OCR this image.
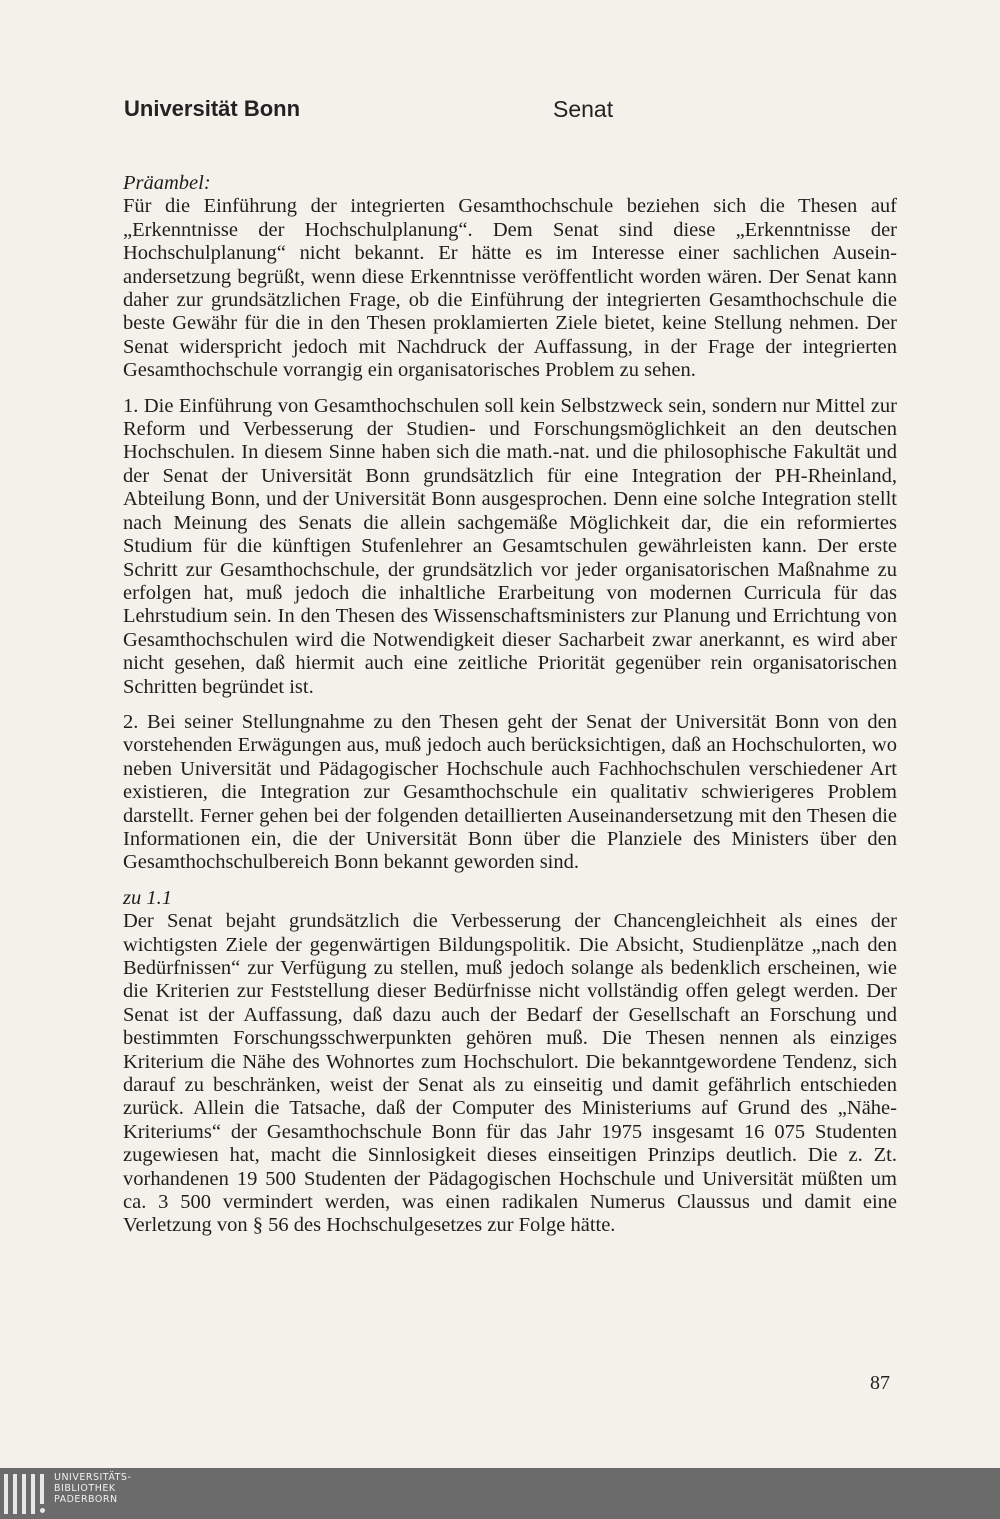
Universität Bonn	Senat

Präambel:

Für die Einführung der integrierten Gesamthochschule beziehen sich die Thesen auf „Erkenntnisse der Hochschulplanung“. Dem Senat sind diese „Erkenntnisse der Hochschulplanung“ nicht bekannt. Er hätte es im Interesse einer sachlichen Auseinandersetzung begrüßt, wenn diese Erkenntnisse veröffentlicht worden wären. Der Senat kann daher zur grundsätzlichen Frage, ob die Einführung der integrierten Gesamthochschule die beste Gewähr für die in den Thesen proklamierten Ziele bietet, keine Stellung nehmen. Der Senat widerspricht jedoch mit Nachdruck der Auffassung, in der Frage der integrierten Gesamthochschule vorrangig ein organisatorisches Problem zu sehen.

1. Die Einführung von Gesamthochschulen soll kein Selbstzweck sein, sondern nur Mittel zur Reform und Verbesserung der Studien- und Forschungsmöglichkeit an den deutschen Hochschulen. In diesem Sinne haben sich die math.-nat. und die philosophische Fakultät und der Senat der Universität Bonn grundsätzlich für eine Integration der PH-Rheinland, Abteilung Bonn, und der Universität Bonn ausgesprochen. Denn eine solche Integration stellt nach Meinung des Senats die allein sachgemäße Möglichkeit dar, die ein reformiertes Studium für die künftigen Stufenlehrer an Gesamtschulen gewährleisten kann. Der erste Schritt zur Gesamthochschule, der grundsätzlich vor jeder organisatorischen Maßnahme zu erfolgen hat, muß jedoch die inhaltliche Erarbeitung von modernen Curricula für das Lehrstudium sein. In den Thesen des Wissenschaftsministers zur Planung und Errichtung von Gesamthochschulen wird die Notwendigkeit dieser Sacharbeit zwar anerkannt, es wird aber nicht gesehen, daß hiermit auch eine zeitliche Priorität gegenüber rein organisatorischen Schritten begründet ist.

2. Bei seiner Stellungnahme zu den Thesen geht der Senat der Universität Bonn von den vorstehenden Erwägungen aus, muß jedoch auch berücksichtigen, daß an Hochschulorten, wo neben Universität und Pädagogischer Hochschule auch Fachhochschulen verschiedener Art existieren, die Integration zur Gesamthochschule ein qualitativ schwierigeres Problem darstellt. Ferner gehen bei der folgenden detaillierten Auseinandersetzung mit den Thesen die Informationen ein, die der Universität Bonn über die Planziele des Ministers über den Gesamthochschulbereich Bonn bekannt geworden sind.

zu 1.1

Der Senat bejaht grundsätzlich die Verbesserung der Chancengleichheit als eines der wichtigsten Ziele der gegenwärtigen Bildungspolitik. Die Absicht, Studienplätze „nach den Bedürfnissen“ zur Verfügung zu stellen, muß jedoch solange als bedenklich erscheinen, wie die Kriterien zur Feststellung dieser Bedürfnisse nicht vollständig offen gelegt werden. Der Senat ist der Auffassung, daß dazu auch der Bedarf der Gesellschaft an Forschung und bestimmten Forschungsschwerpunkten gehören muß. Die Thesen nennen als einziges Kriterium die Nähe des Wohnortes zum Hochschulort. Die bekanntgewordene Tendenz, sich darauf zu beschränken, weist der Senat als zu einseitig und damit gefährlich entschieden zurück. Allein die Tatsache, daß der Computer des Ministeriums auf Grund des „Nähe-Kriteriums“ der Gesamthochschule Bonn für das Jahr 1975 insgesamt 16 075 Studenten zugewiesen hat, macht die Sinnlosigkeit dieses einseitigen Prinzips deutlich. Die z. Zt. vorhandenen 19 500 Studenten der Pädagogischen Hochschule und Universität müßten um ca. 3 500 vermindert werden, was einen radikalen Numerus Claussus und damit eine Verletzung von § 56 des Hochschulgesetzes zur Folge hätte.

87
UNIVERSITÄTS-
BIBLIOTHEK
PADERBORN
